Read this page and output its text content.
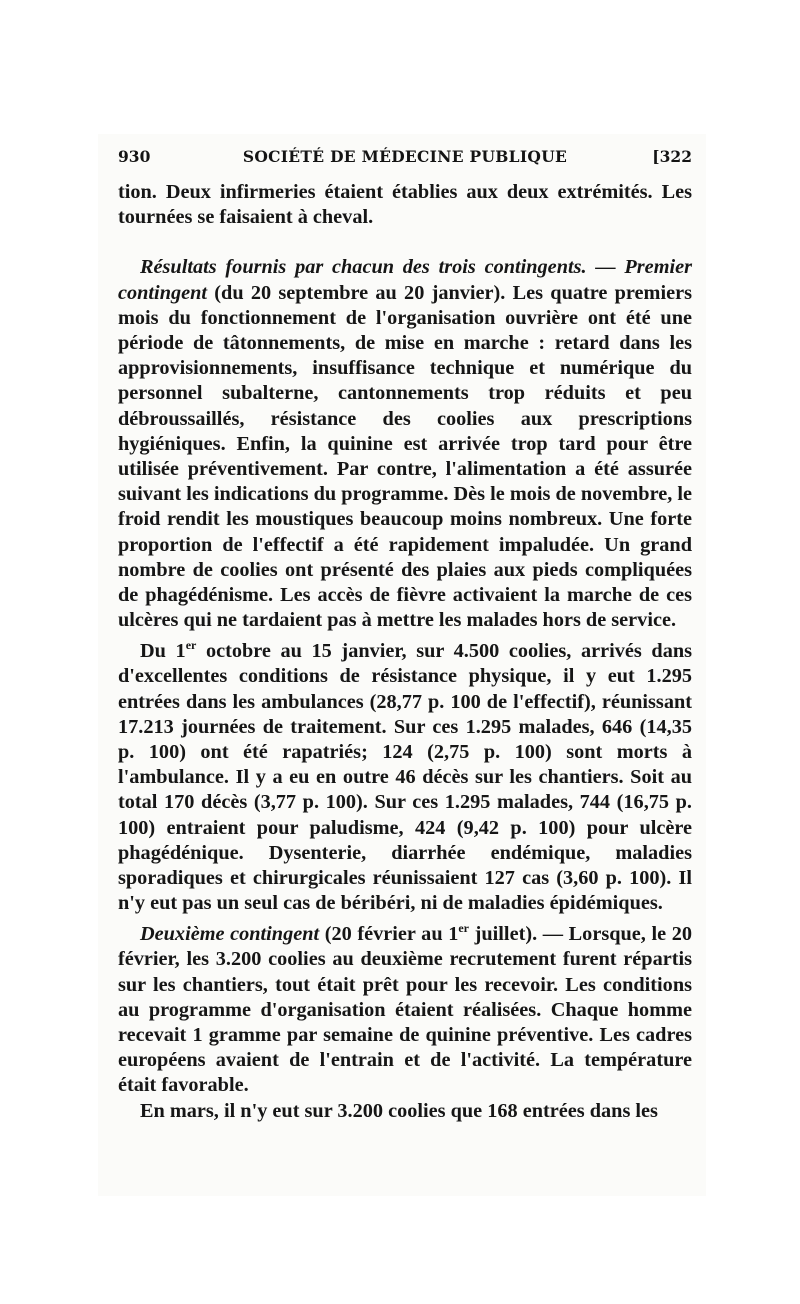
930	SOCIÉTÉ DE MÉDECINE PUBLIQUE	[322

tion. Deux infirmeries étaient établies aux deux extrémités. Les tournées se faisaient à cheval.

Résultats fournis par chacun des trois contingents. — Premier contingent (du 20 septembre au 20 janvier). Les quatre premiers mois du fonctionnement de l'organisation ouvrière ont été une période de tâtonnements, de mise en marche : retard dans les approvisionnements, insuffisance technique et numérique du personnel subalterne, cantonnements trop réduits et peu débroussaillés, résistance des coolies aux prescriptions hygiéniques. Enfin, la quinine est arrivée trop tard pour être utilisée préventivement. Par contre, l'alimentation a été assurée suivant les indications du programme. Dès le mois de novembre, le froid rendit les moustiques beaucoup moins nombreux. Une forte proportion de l'effectif a été rapidement impaludée. Un grand nombre de coolies ont présenté des plaies aux pieds compliquées de phagédénisme. Les accès de fièvre activaient la marche de ces ulcères qui ne tardaient pas à mettre les malades hors de service.

Du 1er octobre au 15 janvier, sur 4.500 coolies, arrivés dans d'excellentes conditions de résistance physique, il y eut 1.295 entrées dans les ambulances (28,77 p. 100 de l'effectif), réunissant 17.213 journées de traitement. Sur ces 1.295 malades, 646 (14,35 p. 100) ont été rapatriés; 124 (2,75 p. 100) sont morts à l'ambulance. Il y a eu en outre 46 décès sur les chantiers. Soit au total 170 décès (3,77 p. 100). Sur ces 1.295 malades, 744 (16,75 p. 100) entraient pour paludisme, 424 (9,42 p. 100) pour ulcère phagédénique. Dysenterie, diarrhée endémique, maladies sporadiques et chirurgicales réunissaient 127 cas (3,60 p. 100). Il n'y eut pas un seul cas de béribéri, ni de maladies épidémiques.

Deuxième contingent (20 février au 1er juillet). — Lorsque, le 20 février, les 3.200 coolies au deuxième recrutement furent répartis sur les chantiers, tout était prêt pour les recevoir. Les conditions au programme d'organisation étaient réalisées. Chaque homme recevait 1 gramme par semaine de quinine préventive. Les cadres européens avaient de l'entrain et de l'activité. La température était favorable.

En mars, il n'y eut sur 3.200 coolies que 168 entrées dans les
